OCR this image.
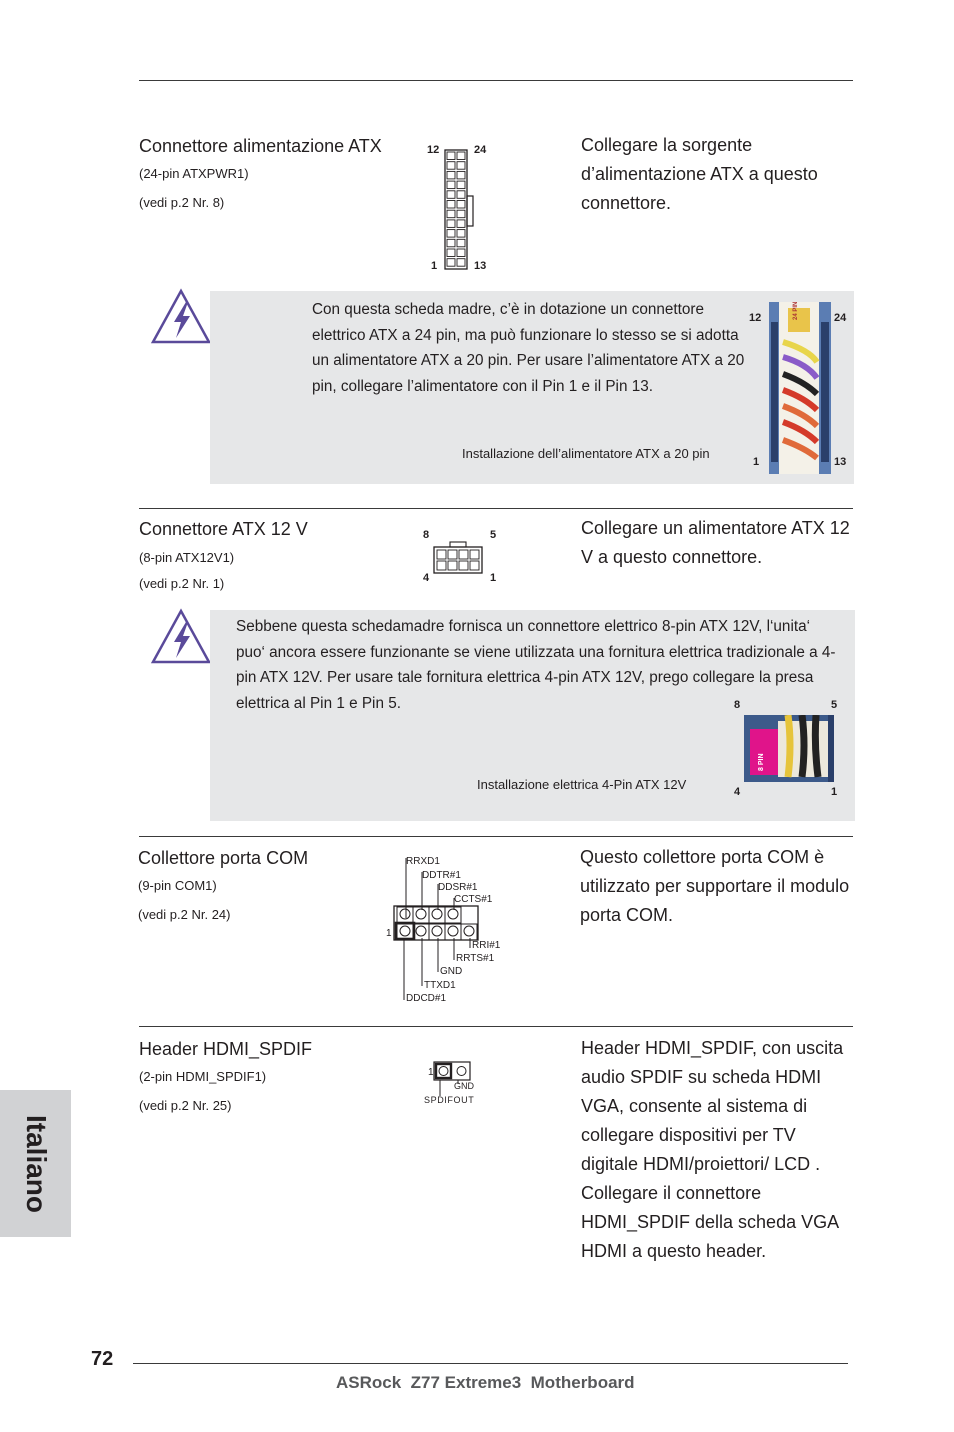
Connettore alimentazione ATX
(24-pin ATXPWR1)
(vedi p.2 Nr. 8)
Collegare la sorgente d’alimentazione ATX a questo connettore.
12	24
1	13
Con questa scheda madre, c’è in dotazione un connettore elettrico ATX a 24 pin, ma può funzionare lo stesso se si adotta un alimentatore ATX a 20 pin. Per usare l’alimentatore ATX a 20 pin, collegare l’alimentatore con il Pin 1 e il Pin 13.
Installazione dell’alimentatore ATX a 20 pin
12	24
1	13
24 PIN
Connettore ATX 12 V
(8-pin ATX12V1)
(vedi p.2 Nr. 1)
Collegare un alimentatore ATX 12 V a questo connettore.
8	5
4	1
Sebbene questa schedamadre fornisca un connettore elettrico 8-pin ATX 12V, l‘unita‘ puo‘ ancora essere funzionante se viene utilizzata una fornitura elettrica tradizionale a 4-pin ATX 12V. Per usare tale fornitura elettrica 4-pin ATX 12V, prego collegare la presa elettrica al Pin 1 e Pin 5.
Installazione elettrica 4-Pin ATX 12V
8	5
4	1
8 PIN
Collettore porta COM
(9-pin COM1)
(vedi p.2 Nr. 24)
Questo collettore porta COM è utilizzato per supportare il modulo porta COM.
1
RRXD1
DDTR#1
DDSR#1
CCTS#1
RRI#1
RRTS#1
GND
TTXD1
DDCD#1
Header HDMI_SPDIF
(2-pin HDMI_SPDIF1)
(vedi p.2 Nr. 25)
Header HDMI_SPDIF, con uscita audio SPDIF su scheda HDMI VGA, consente al sistema di collegare dispositivi per TV digitale HDMI/proiettori/ LCD . Collegare il connettore HDMI_SPDIF della scheda VGA HDMI a questo header.
1
GND
SPDIFOUT
Italiano
72
ASRock  Z77 Extreme3  Motherboard
